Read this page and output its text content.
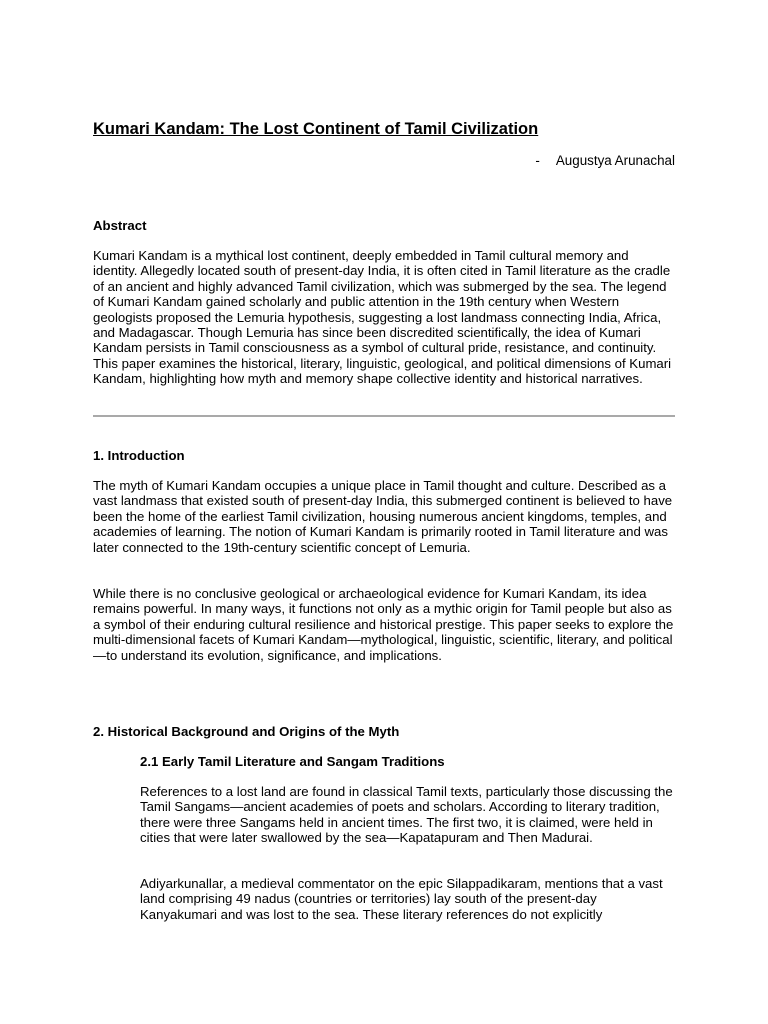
Kumari Kandam: The Lost Continent of Tamil Civilization
- Augustya Arunachal
Abstract

Kumari Kandam is a mythical lost continent, deeply embedded in Tamil cultural memory and identity. Allegedly located south of present-day India, it is often cited in Tamil literature as the cradle of an ancient and highly advanced Tamil civilization, which was submerged by the sea. The legend of Kumari Kandam gained scholarly and public attention in the 19th century when Western geologists proposed the Lemuria hypothesis, suggesting a lost landmass connecting India, Africa, and Madagascar. Though Lemuria has since been discredited scientifically, the idea of Kumari Kandam persists in Tamil consciousness as a symbol of cultural pride, resistance, and continuity. This paper examines the historical, literary, linguistic, geological, and political dimensions of Kumari Kandam, highlighting how myth and memory shape collective identity and historical narratives.

1. Introduction

The myth of Kumari Kandam occupies a unique place in Tamil thought and culture. Described as a vast landmass that existed south of present-day India, this submerged continent is believed to have been the home of the earliest Tamil civilization, housing numerous ancient kingdoms, temples, and academies of learning. The notion of Kumari Kandam is primarily rooted in Tamil literature and was later connected to the 19th-century scientific concept of Lemuria.

While there is no conclusive geological or archaeological evidence for Kumari Kandam, its idea remains powerful. In many ways, it functions not only as a mythic origin for Tamil people but also as a symbol of their enduring cultural resilience and historical prestige. This paper seeks to explore the multi-dimensional facets of Kumari Kandam—mythological, linguistic, scientific, literary, and political—to understand its evolution, significance, and implications.

2. Historical Background and Origins of the Myth
2.1 Early Tamil Literature and Sangam Traditions

References to a lost land are found in classical Tamil texts, particularly those discussing the Tamil Sangams—ancient academies of poets and scholars. According to literary tradition, there were three Sangams held in ancient times. The first two, it is claimed, were held in cities that were later swallowed by the sea—Kapatapuram and Then Madurai.

Adiyarkunallar, a medieval commentator on the epic Silappadikaram, mentions that a vast land comprising 49 nadus (countries or territories) lay south of the present-day Kanyakumari and was lost to the sea. These literary references do not explicitly
